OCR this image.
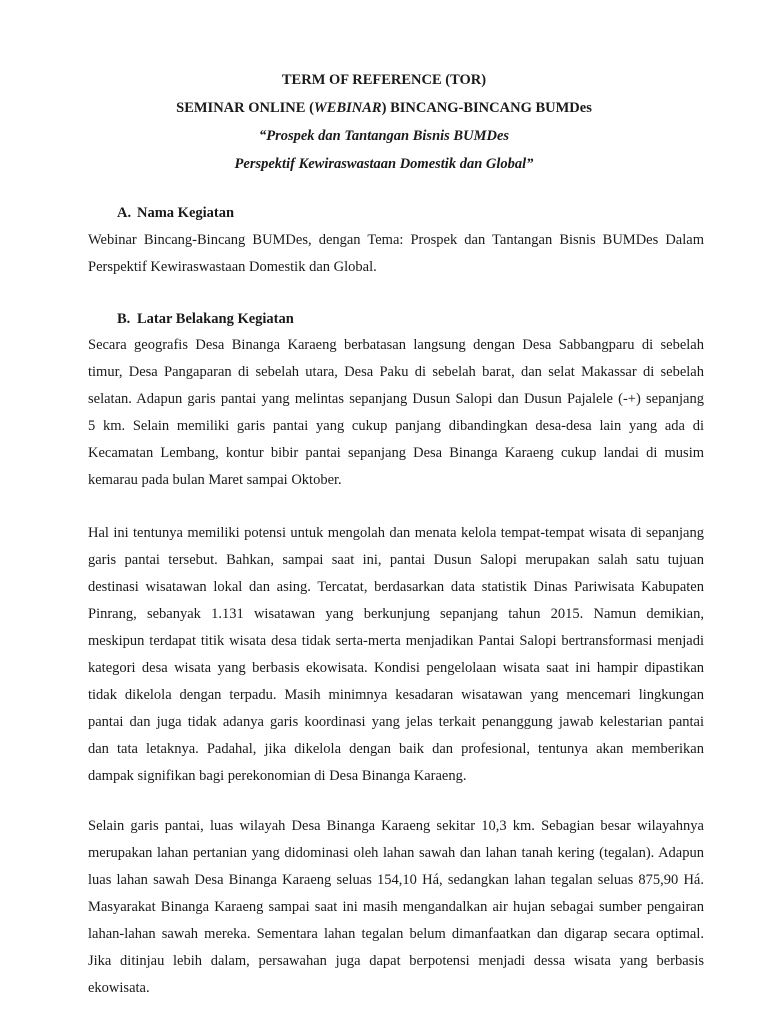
TERM OF REFERENCE (TOR)
SEMINAR ONLINE (WEBINAR) BINCANG-BINCANG BUMDes
“Prospek dan Tantangan Bisnis BUMDes
Perspektif Kewiraswastaan Domestik dan Global”
A. Nama Kegiatan
Webinar Bincang-Bincang BUMDes, dengan Tema: Prospek dan Tantangan Bisnis BUMDes Dalam
Perspektif Kewiraswastaan Domestik dan Global.
B. Latar Belakang Kegiatan
Secara geografis Desa Binanga Karaeng berbatasan langsung dengan Desa Sabbangparu di sebelah
timur, Desa Pangaparan di sebelah utara, Desa Paku di sebelah barat, dan selat Makassar di sebelah
selatan. Adapun garis pantai yang melintas sepanjang Dusun Salopi dan Dusun Pajalele (-+) sepanjang
5 km. Selain memiliki garis pantai yang cukup panjang dibandingkan desa-desa lain yang ada di
Kecamatan Lembang, kontur bibir pantai sepanjang Desa Binanga Karaeng cukup landai di musim
kemarau pada bulan Maret sampai Oktober.
Hal ini tentunya memiliki potensi untuk mengolah dan menata kelola tempat-tempat wisata di sepanjang
garis pantai tersebut. Bahkan, sampai saat ini, pantai Dusun Salopi merupakan salah satu tujuan
destinasi wisatawan lokal dan asing. Tercatat, berdasarkan data statistik Dinas Pariwisata Kabupaten
Pinrang, sebanyak 1.131 wisatawan yang berkunjung sepanjang tahun 2015. Namun demikian,
meskipun terdapat titik wisata desa tidak serta-merta menjadikan Pantai Salopi bertransformasi menjadi
kategori desa wisata yang berbasis ekowisata. Kondisi pengelolaan wisata saat ini hampir dipastikan
tidak dikelola dengan terpadu. Masih minimnya kesadaran wisatawan yang mencemari lingkungan
pantai dan juga tidak adanya garis koordinasi yang jelas terkait penanggung jawab kelestarian pantai
dan tata letaknya. Padahal, jika dikelola dengan baik dan profesional, tentunya akan memberikan
dampak signifikan bagi perekonomian di Desa Binanga Karaeng.
Selain garis pantai, luas wilayah Desa Binanga Karaeng sekitar 10,3 km. Sebagian besar wilayahnya
merupakan lahan pertanian yang didominasi oleh lahan sawah dan lahan tanah kering (tegalan). Adapun
luas lahan sawah Desa Binanga Karaeng seluas 154,10 Há, sedangkan lahan tegalan seluas 875,90 Há.
Masyarakat Binanga Karaeng sampai saat ini masih mengandalkan air hujan sebagai sumber pengairan
lahan-lahan sawah mereka. Sementara lahan tegalan belum dimanfaatkan dan digarap secara optimal.
Jika ditinjau lebih dalam, persawahan juga dapat berpotensi menjadi dessa wisata yang berbasis
ekowisata.
